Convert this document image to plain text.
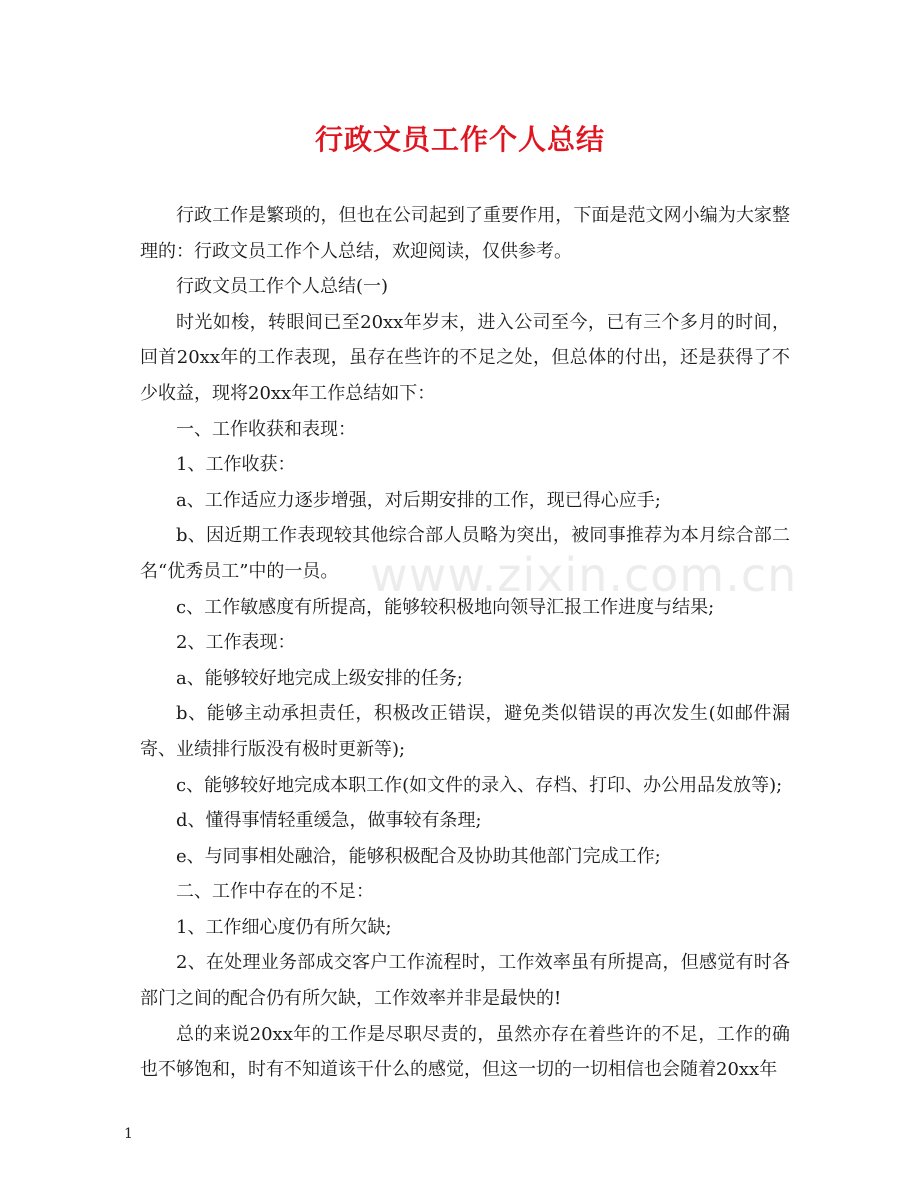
行政文员工作个人总结
www.zixin.com.cn

行政工作是繁琐的，但也在公司起到了重要作用，下面是范文网小编为大家整理的：行政文员工作个人总结，欢迎阅读，仅供参考。

行政文员工作个人总结(一)

时光如梭，转眼间已至20xx年岁末，进入公司至今，已有三个多月的时间，回首20xx年的工作表现，虽存在些许的不足之处，但总体的付出，还是获得了不少收益，现将20xx年工作总结如下：

一、工作收获和表现：

1、工作收获：

a、工作适应力逐步增强，对后期安排的工作，现已得心应手;

b、因近期工作表现较其他综合部人员略为突出，被同事推荐为本月综合部二名“优秀员工”中的一员。

c、工作敏感度有所提高，能够较积极地向领导汇报工作进度与结果;

2、工作表现：

a、能够较好地完成上级安排的任务;

b、能够主动承担责任，积极改正错误，避免类似错误的再次发生(如邮件漏寄、业绩排行版没有极时更新等);

c、能够较好地完成本职工作(如文件的录入、存档、打印、办公用品发放等);

d、懂得事情轻重缓急，做事较有条理;

e、与同事相处融洽，能够积极配合及协助其他部门完成工作;

二、工作中存在的不足：

1、工作细心度仍有所欠缺;

2、在处理业务部成交客户工作流程时，工作效率虽有所提高，但感觉有时各部门之间的配合仍有所欠缺，工作效率并非是最快的!

总的来说20xx年的工作是尽职尽责的，虽然亦存在着些许的不足，工作的确也不够饱和，时有不知道该干什么的感觉，但这一切的一切相信也会随着20xx年

1
